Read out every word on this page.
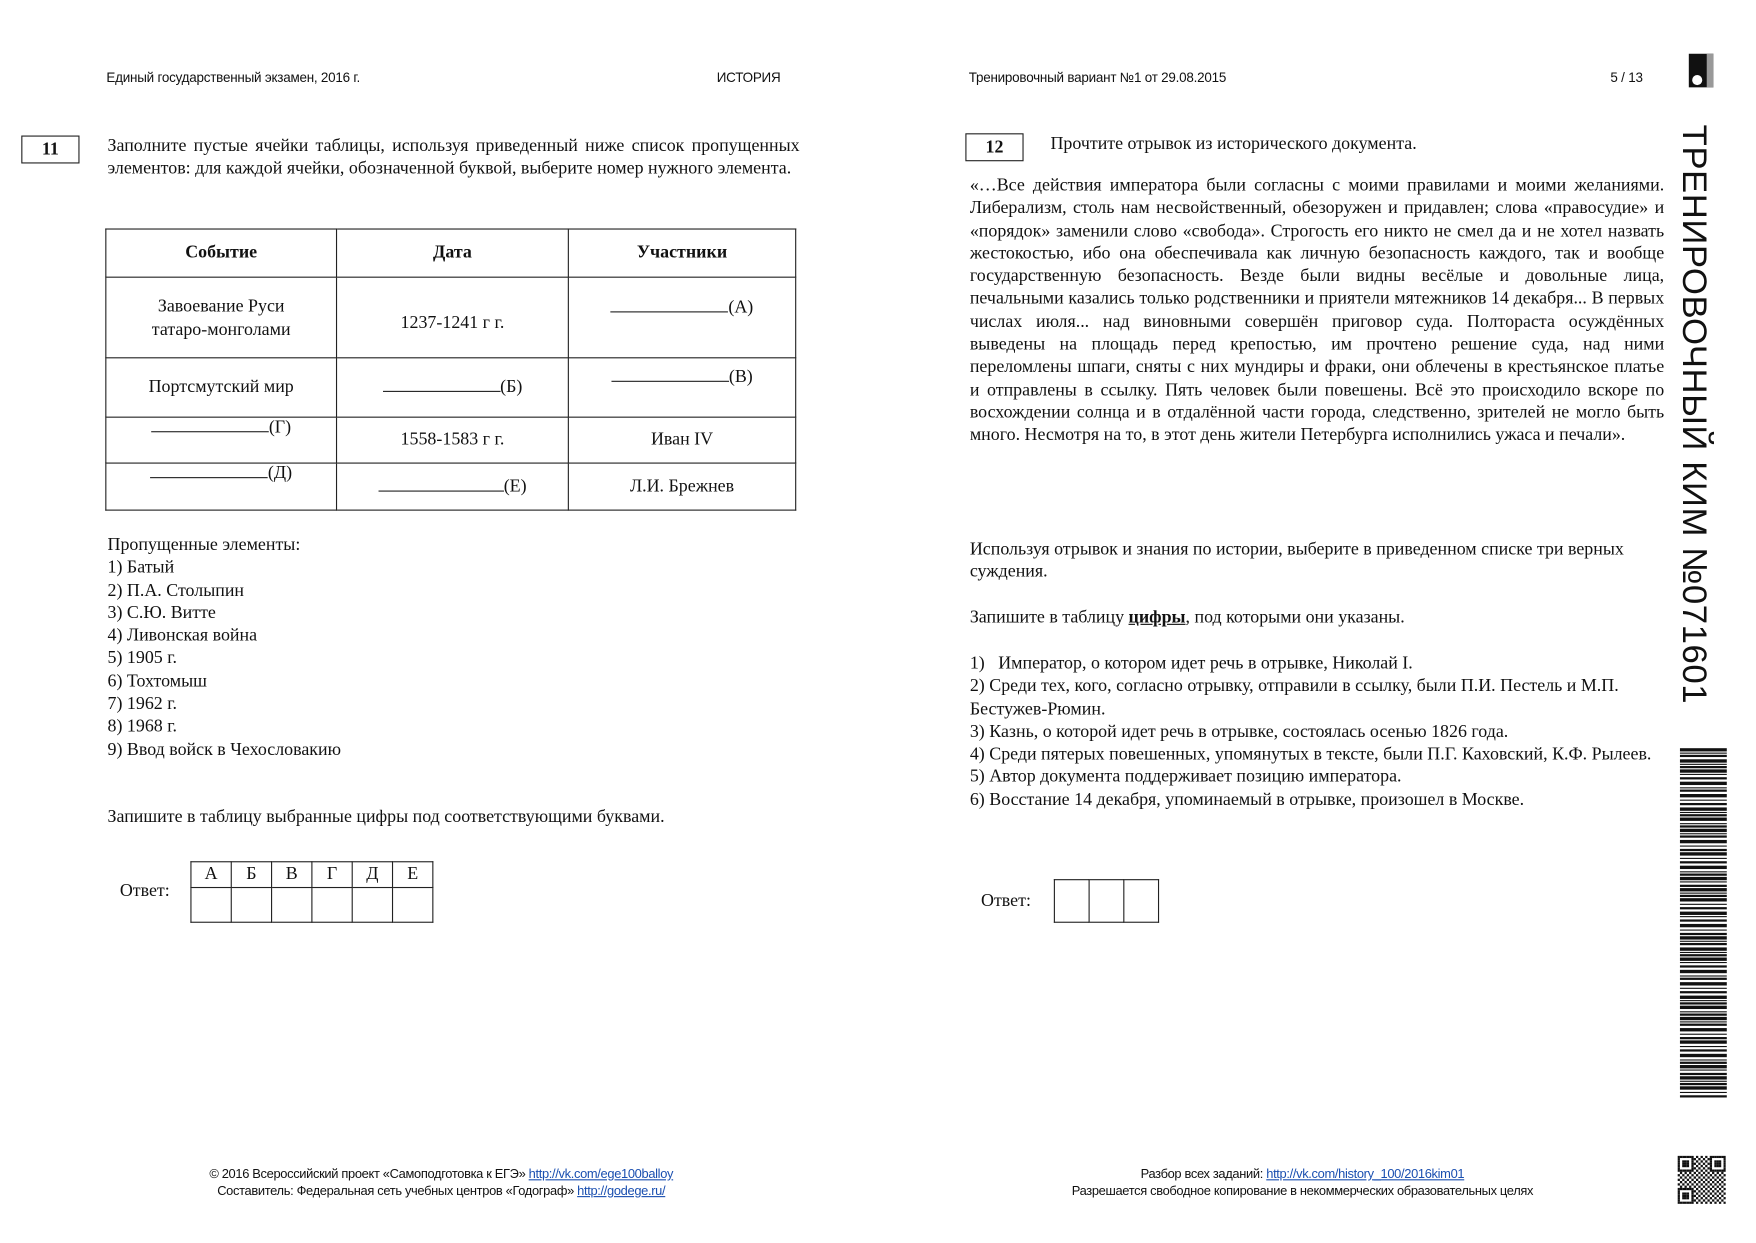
Единый государственный экзамен, 2016 г.	ИСТОРИЯ	Тренировочный вариант №1 от 29.08.2015	5 / 13
ТРЕНИРОВОЧНЫЙ КИМ №071601
11	Заполните пустые ячейки таблицы, используя приведенный ниже список пропущенных элементов: для каждой ячейки, обозначенной буквой, выберите номер нужного элемента.
Событие	Дата	Участники
Завоевание Руси татаро-монголами	1237-1241 г г.	(А)
Портсмутский мир	(Б)	(В)
(Г)	1558-1583 г г.	Иван IV
(Д)	(Е)	Л.И. Брежнев
Пропущенные элементы:
1) Батый
2) П.А. Столыпин
3) С.Ю. Витте
4) Ливонская война
5) 1905 г.
6) Тохтомыш
7) 1962 г.
8) 1968 г.
9) Ввод войск в Чехословакию
Запишите в таблицу выбранные цифры под соответствующими буквами.
Ответ:
А	Б	В	Г	Д	Е

12	Прочтите отрывок из исторического документа.
«…Все действия императора были согласны с моими правилами и моими желаниями. Либерализм, столь нам несвойственный, обезоружен и придавлен; слова «правосудие» и «порядок» заменили слово «свобода». Строгость его никто не смел да и не хотел назвать жестокостью, ибо она обеспечивала как личную безопасность каждого, так и вообще государственную безопасность. Везде были видны весёлые и довольные лица, печальными казались только родственники и приятели мятежников 14 декабря... В первых числах июля... над виновными совершён приговор суда. Полтораста осуждённых выведены на площадь перед крепостью, им прочтено решение суда, над ними переломлены шпаги, сняты с них мундиры и фраки, они облечены в крестьянское платье и отправлены в ссылку. Пять человек были повешены. Всё это происходило вскоре по восхождении солнца и в отдалённой части города, следственно, зрителей не могло быть много. Несмотря на то, в этот день жители Петербурга исполнились ужаса и печали».
Используя отрывок и знания по истории, выберите в приведенном списке три верных суждения.
Запишите в таблицу цифры, под которыми они указаны.
1)   Император, о котором идет речь в отрывке, Николай I.
2) Среди тех, кого, согласно отрывку, отправили в ссылку, были П.И. Пестель и М.П. Бестужев-Рюмин.
3) Казнь, о которой идет речь в отрывке, состоялась осенью 1826 года.
4) Среди пятерых повешенных, упомянутых в тексте, были П.Г. Каховский, К.Ф. Рылеев.
5) Автор документа поддерживает позицию императора.
6) Восстание 14 декабря, упоминаемый в отрывке, произошел в Москве.
Ответ:

© 2016 Всероссийский проект «Самоподготовка к ЕГЭ» http://vk.com/ege100balloy
Составитель: Федеральная сеть учебных центров «Годограф» http://godege.ru/
Разбор всех заданий: http://vk.com/history_100/2016kim01
Разрешается свободное копирование в некоммерческих образовательных целях
